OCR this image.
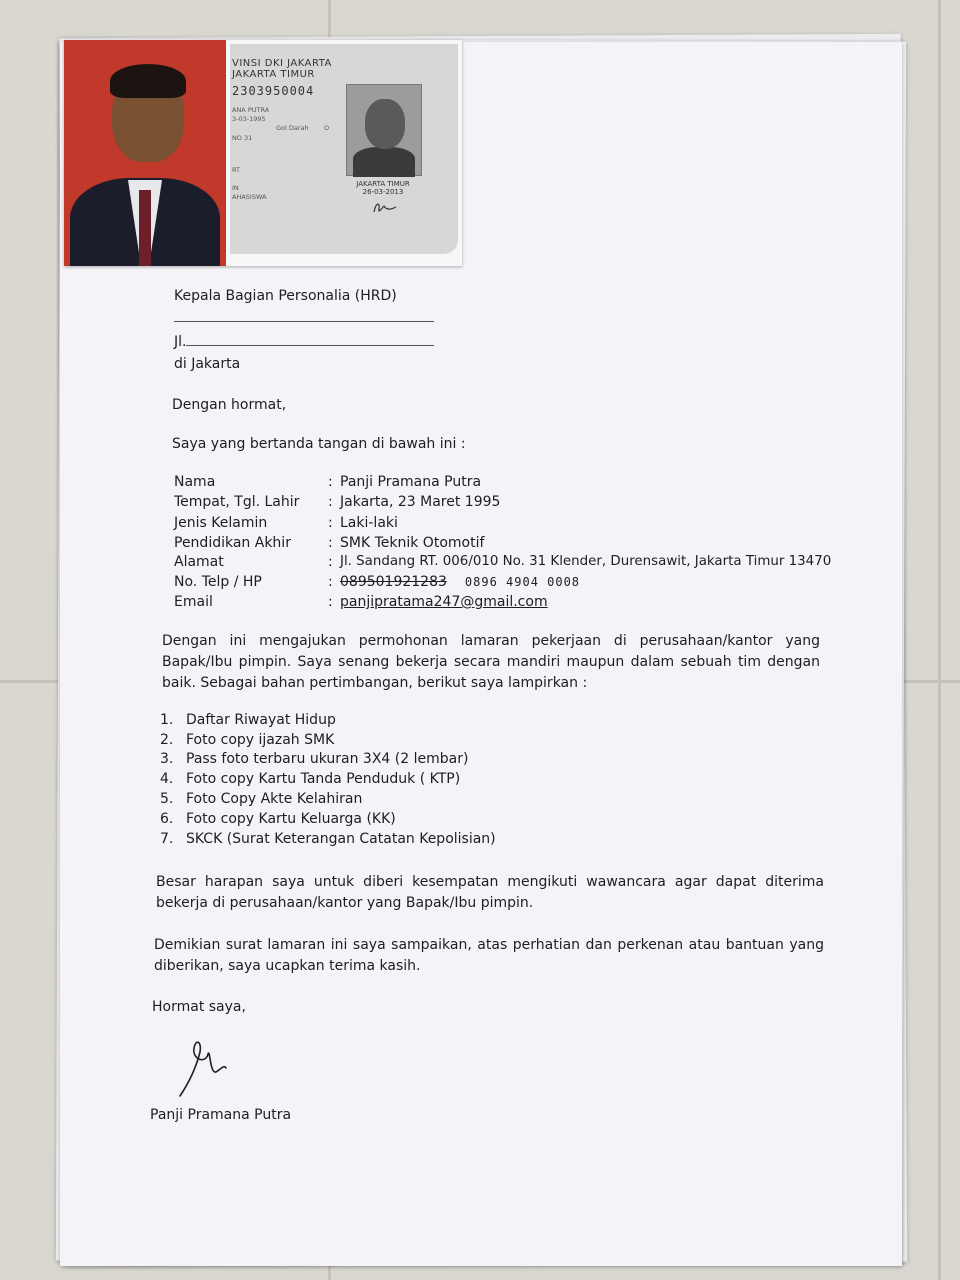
VINSI DKI JAKARTA
JAKARTA TIMUR
2303950004
ANA PUTRA
3-03-1995
Gol Darah O
NO 31
RT
IN
AHASISWA
JAKARTA TIMUR
26-03-2013
Kepala Bagian Personalia (HRD)
Jl.
di Jakarta
Dengan hormat,
Saya yang bertanda tangan di bawah ini :
Nama	: Panji Pramana Putra
Tempat, Tgl. Lahir : Jakarta, 23 Maret 1995
Jenis Kelamin	: Laki-laki
Pendidikan Akhir	: SMK Teknik Otomotif
Alamat	: Jl. Sandang RT. 006/010 No. 31 Klender, Durensawit, Jakarta Timur 13470
No. Telp / HP	: 089501921283 0896 4904 0008
Email	: panjipratama247@gmail.com
Dengan ini mengajukan permohonan lamaran pekerjaan di perusahaan/kantor yang Bapak/Ibu pimpin. Saya senang bekerja secara mandiri maupun dalam sebuah tim dengan baik. Sebagai bahan pertimbangan, berikut saya lampirkan :
1. Daftar Riwayat Hidup
2. Foto copy ijazah SMK
3. Pass foto terbaru ukuran 3X4 (2 lembar)
4. Foto copy Kartu Tanda Penduduk ( KTP)
5. Foto Copy Akte Kelahiran
6. Foto copy Kartu Keluarga (KK)
7. SKCK (Surat Keterangan Catatan Kepolisian)
Besar harapan saya untuk diberi kesempatan mengikuti wawancara agar dapat diterima bekerja di perusahaan/kantor yang Bapak/Ibu pimpin.
Demikian surat lamaran ini saya sampaikan, atas perhatian dan perkenan atau bantuan yang diberikan, saya ucapkan terima kasih.
Hormat saya,
Panji Pramana Putra
